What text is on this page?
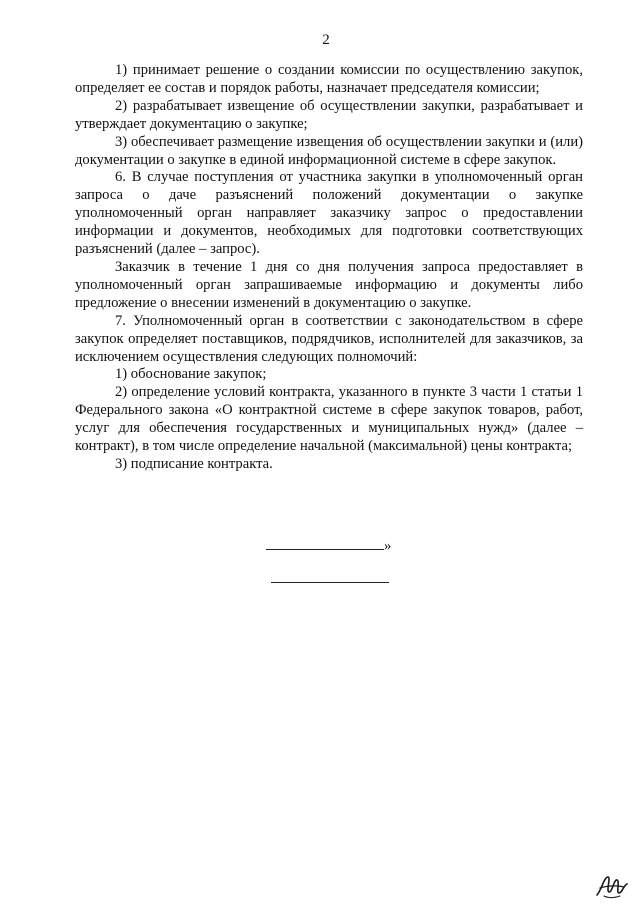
2

1) принимает решение о создании комиссии по осуществлению закупок, определяет ее состав и порядок работы, назначает председателя комиссии;

2) разрабатывает извещение об осуществлении закупки, разрабатывает и утверждает документацию о закупке;

3) обеспечивает размещение извещения об осуществлении закупки и (или) документации о закупке в единой информационной системе в сфере закупок.

6. В случае поступления от участника закупки в уполномоченный орган запроса о даче разъяснений положений документации о закупке уполномоченный орган направляет заказчику запрос о предоставлении информации и документов, необходимых для подготовки соответствующих разъяснений (далее – запрос).

Заказчик в течение 1 дня со дня получения запроса предоставляет в уполномоченный орган запрашиваемые информацию и документы либо предложение о внесении изменений в документацию о закупке.

7. Уполномоченный орган в соответствии с законодательством в сфере закупок определяет поставщиков, подрядчиков, исполнителей для заказчиков, за исключением осуществления следующих полномочий:

1) обоснование закупок;

2) определение условий контракта, указанного в пункте 3 части 1 статьи 1 Федерального закона «О контрактной системе в сфере закупок товаров, работ, услуг для обеспечения государственных и муниципальных нужд» (далее – контракт), в том числе определение начальной (максимальной) цены контракта;

3) подписание контракта.

»
